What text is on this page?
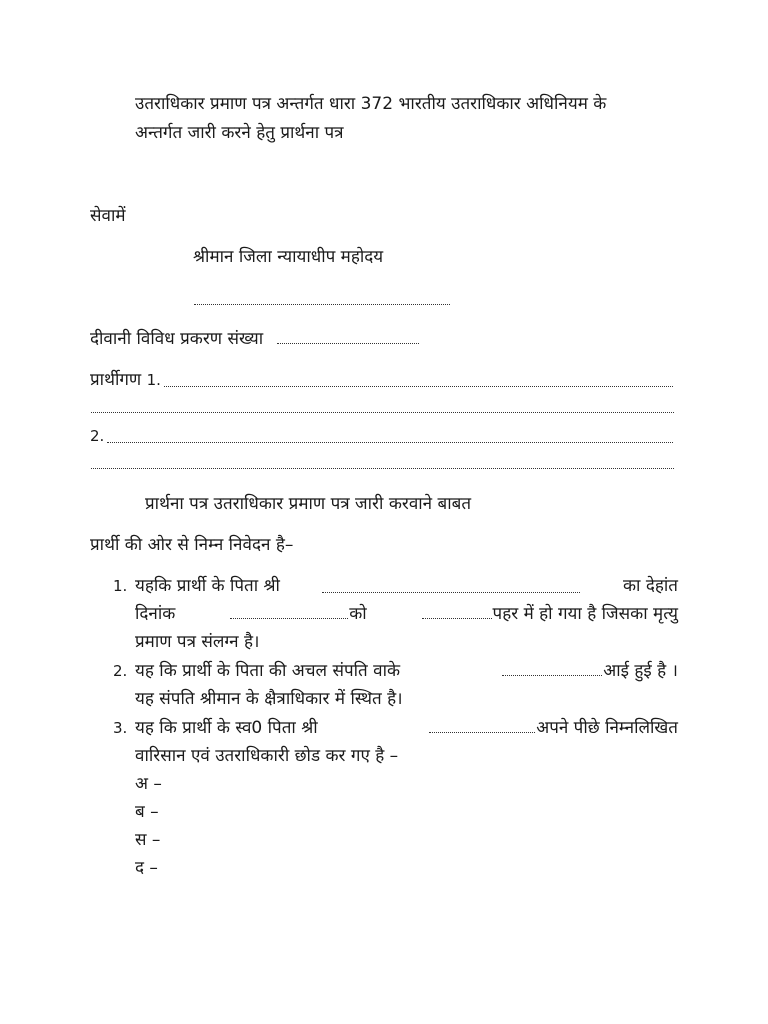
उतराधिकार प्रमाण पत्र अन्तर्गत धारा 372 भारतीय उतराधिकार अधिनियम के
अन्तर्गत जारी करने हेतु प्रार्थना पत्र
सेवामें
श्रीमान जिला न्यायाधीप महोदय
दीवानी विविध प्रकरण संख्या
प्रार्थीगण 1.
2.
प्रार्थना पत्र उतराधिकार प्रमाण पत्र जारी करवाने बाबत
प्रार्थी की ओर से निम्न निवेदन है–
1. यहकि प्रार्थी के पिता श्री	का देहांत
दिनांक	को	पहर में हो गया है जिसका मृत्यु
प्रमाण पत्र संलग्न है।
2. यह कि प्रार्थी के पिता की अचल संपति वाके	आई हुई है ।
यह संपति श्रीमान के क्षैत्राधिकार में स्थित है।
3. यह कि प्रार्थी के स्व0 पिता श्री	अपने पीछे निम्नलिखित
वारिसान एवं उतराधिकारी छोड कर गए है –
अ –
ब –
स –
द –
